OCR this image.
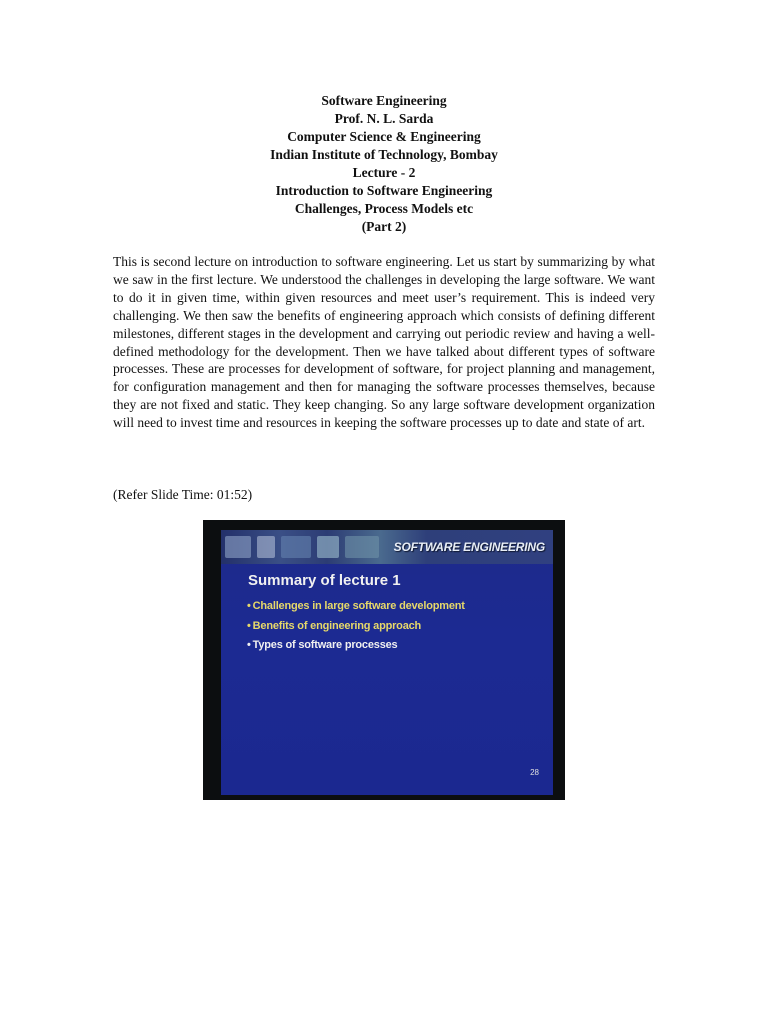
Software Engineering
Prof. N. L. Sarda
Computer Science & Engineering
Indian Institute of Technology, Bombay
Lecture - 2
Introduction to Software Engineering
Challenges, Process Models etc
(Part 2)

This is second lecture on introduction to software engineering. Let us start by summarizing by what we saw in the first lecture. We understood the challenges in developing the large software. We want to do it in given time, within given resources and meet user’s requirement. This is indeed very challenging. We then saw the benefits of engineering approach which consists of defining different milestones, different stages in the development and carrying out periodic review and having a well-defined methodology for the development. Then we have talked about different types of software processes. These are processes for development of software, for project planning and management, for configuration management and then for managing the software processes themselves, because they are not fixed and static. They keep changing. So any large software development organization will need to invest time and resources in keeping the software processes up to date and state of art.

(Refer Slide Time: 01:52)

SOFTWARE ENGINEERING
Summary of lecture 1
• Challenges in large software development
• Benefits of engineering approach
• Types of software processes
28
